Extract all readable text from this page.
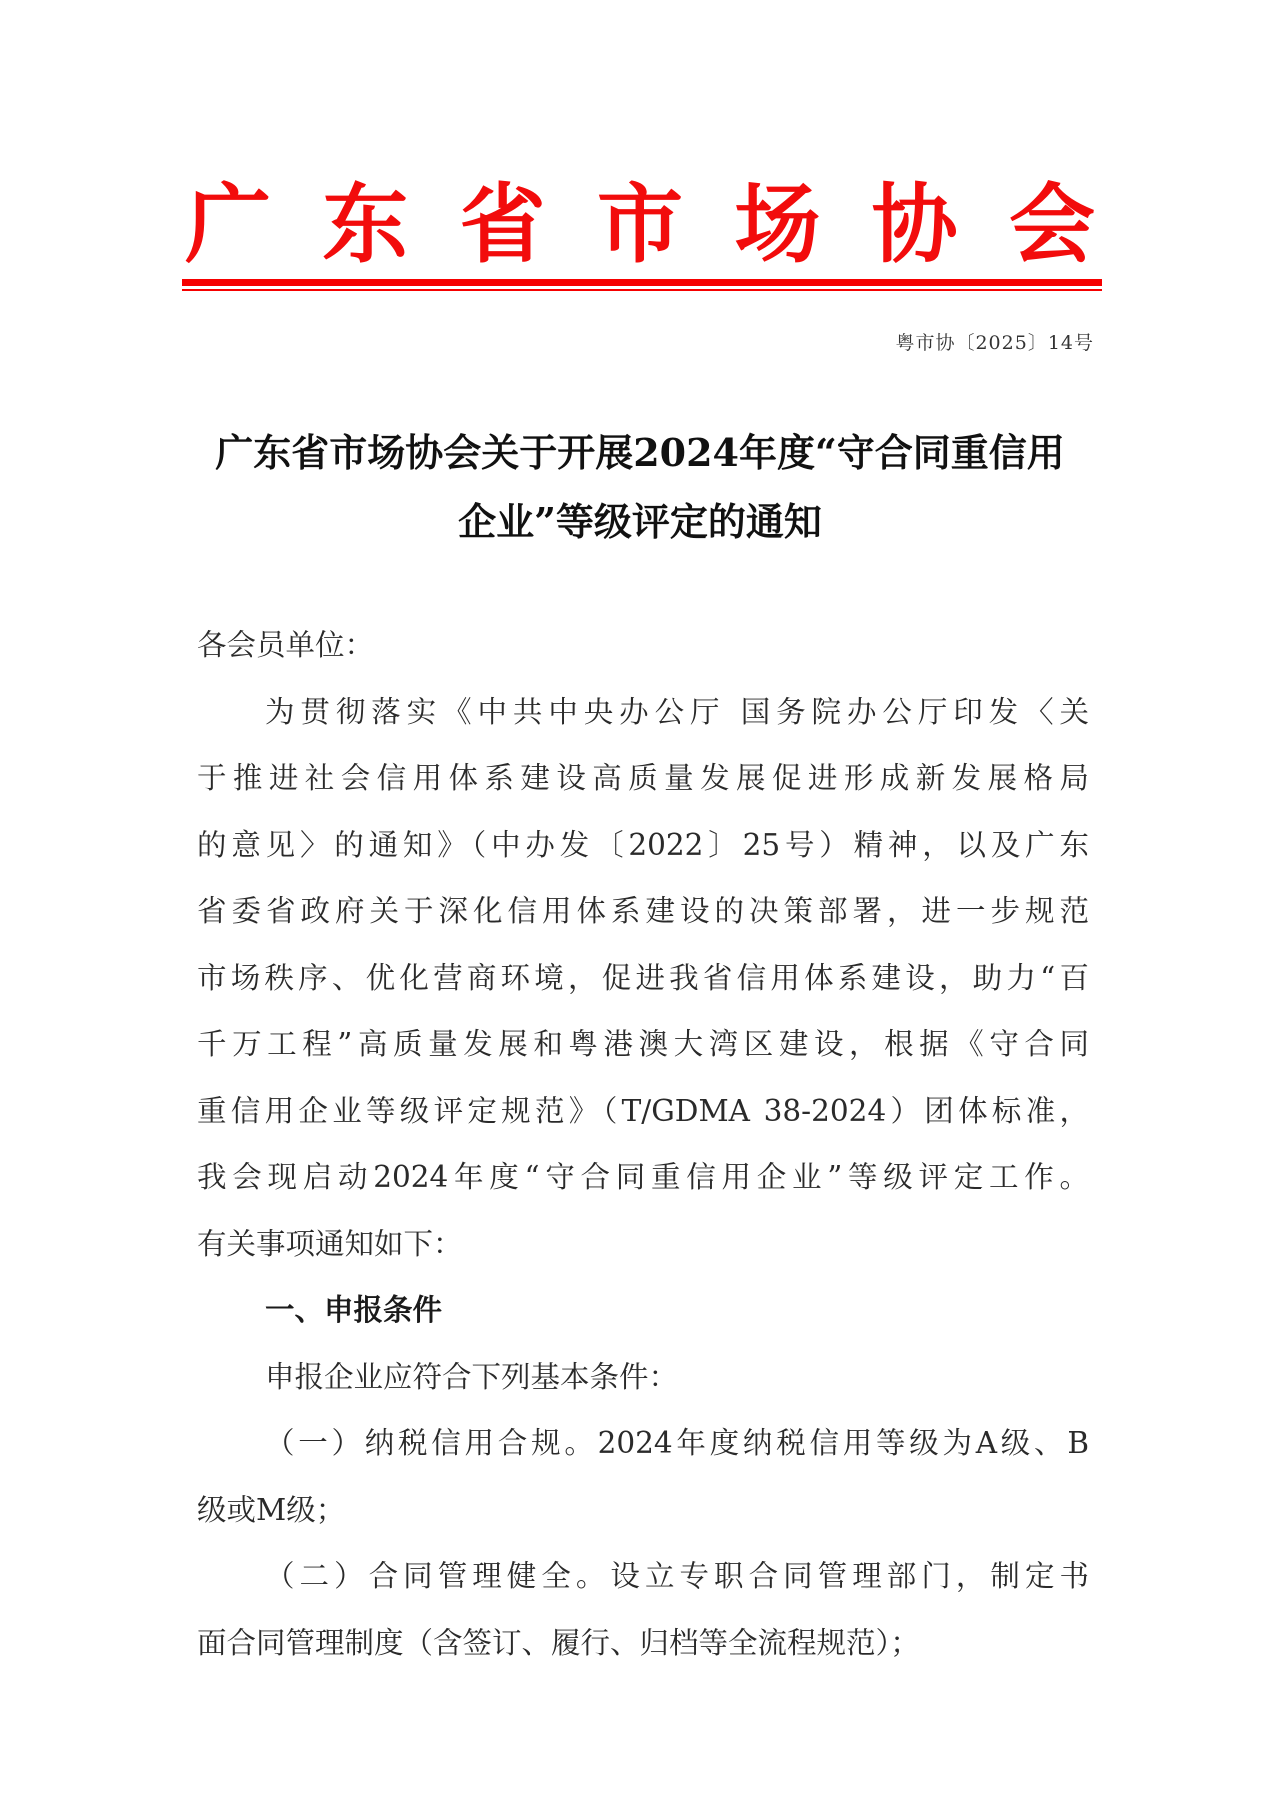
广 东 省 市 场 协 会
粤市协〔2025〕14号
广东省市场协会关于开展2024年度“守合同重信用
企业”等级评定的通知
各会员单位：
为贯彻落实《中共中央办公厅 国务院办公厅印发〈关
于推进社会信用体系建设高质量发展促进形成新发展格局
的意见〉的通知》（中办发〔2022〕25号）精神，以及广东
省委省政府关于深化信用体系建设的决策部署，进一步规范
市场秩序、优化营商环境，促进我省信用体系建设，助力“百
千万工程”高质量发展和粤港澳大湾区建设，根据《守合同
重信用企业等级评定规范》（T/GDMA 38-2024）团体标准，
我会现启动2024年度“守合同重信用企业”等级评定工作。
有关事项通知如下：
一、申报条件
申报企业应符合下列基本条件：
（一）纳税信用合规。2024年度纳税信用等级为A级、B
级或M级；
（二）合同管理健全。设立专职合同管理部门，制定书
面合同管理制度（含签订、履行、归档等全流程规范）；
